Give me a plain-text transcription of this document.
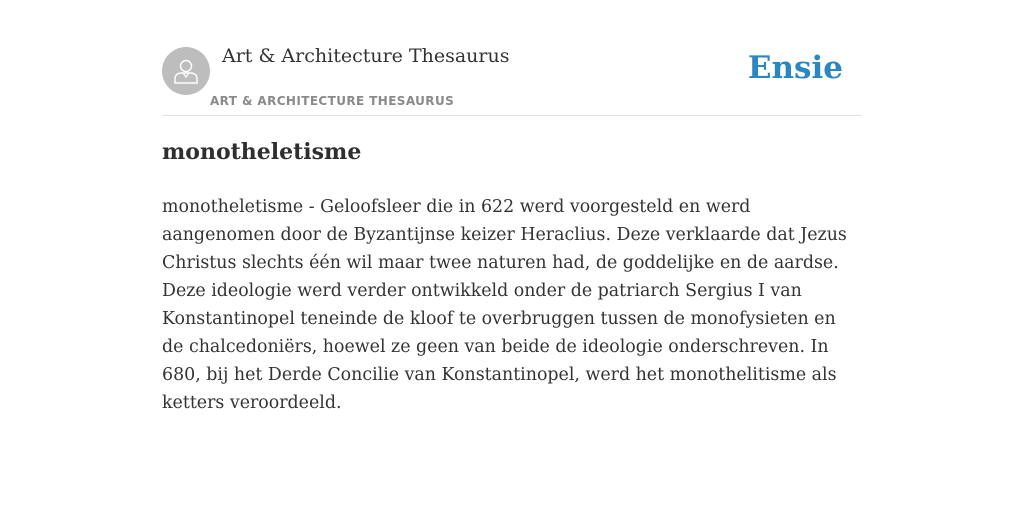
Art & Architecture Thesaurus
ART & ARCHITECTURE THESAURUS
Ensie
monotheletisme

monotheletisme - Geloofsleer die in 622 werd voorgesteld en werd aangenomen door de Byzantijnse keizer Heraclius. Deze verklaarde dat Jezus Christus slechts één wil maar twee naturen had, de goddelijke en de aardse. Deze ideologie werd verder ontwikkeld onder de patriarch Sergius I van Konstantinopel teneinde de kloof te overbruggen tussen de monofysieten en de chalcedoniërs, hoewel ze geen van beide de ideologie onderschreven. In 680, bij het Derde Concilie van Konstantinopel, werd het monothelitisme als ketters veroordeeld.
